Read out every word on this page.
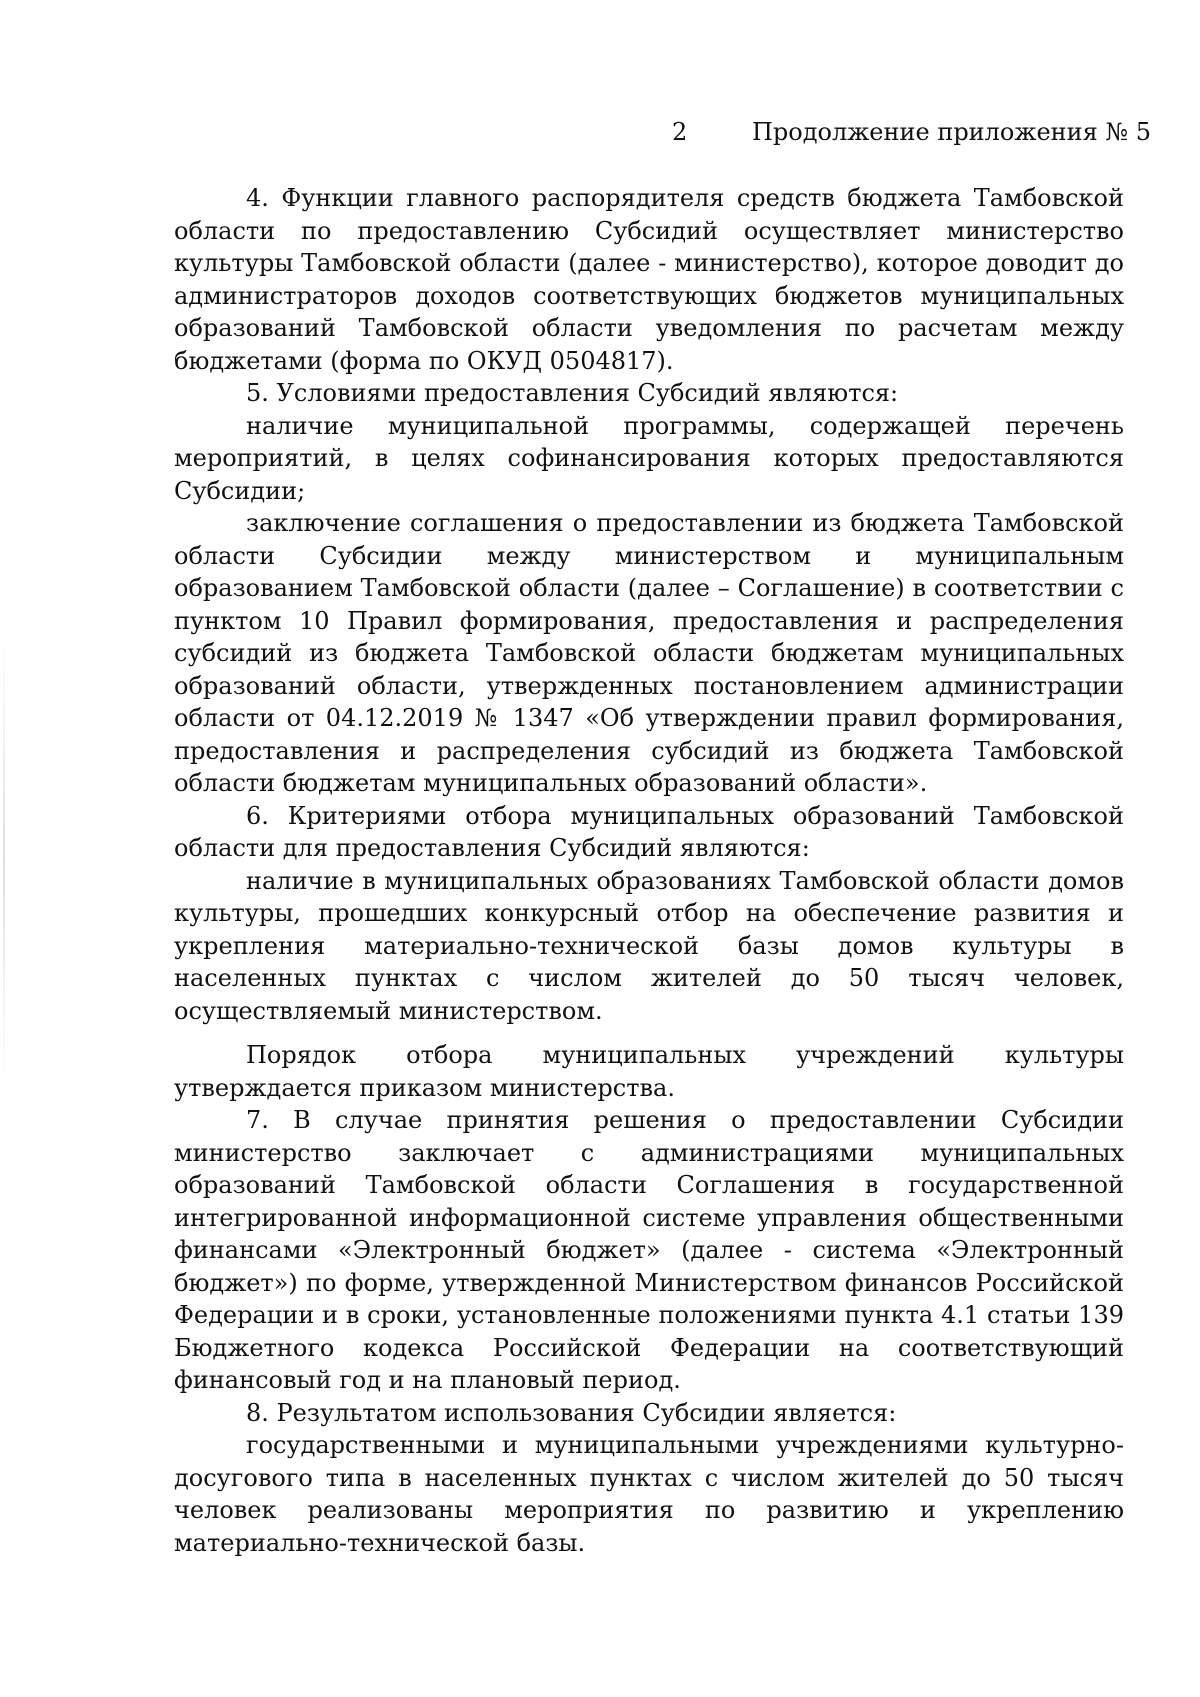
2	Продолжение приложения № 5

4. Функции главного распорядителя средств бюджета Тамбовской области по предоставлению Субсидий осуществляет министерство культуры Тамбовской области (далее - министерство), которое доводит до администраторов доходов соответствующих бюджетов муниципальных образований Тамбовской области уведомления по расчетам между бюджетами (форма по ОКУД 0504817).

5. Условиями предоставления Субсидий являются:

наличие муниципальной программы, содержащей перечень мероприятий, в целях софинансирования которых предоставляются Субсидии;

заключение соглашения о предоставлении из бюджета Тамбовской области Субсидии между министерством и муниципальным образованием Тамбовской области (далее – Соглашение) в соответствии с пунктом 10 Правил формирования, предоставления и распределения субсидий из бюджета Тамбовской области бюджетам муниципальных образований области, утвержденных постановлением администрации области от 04.12.2019 № 1347 «Об утверждении правил формирования, предоставления и распределения субсидий из бюджета Тамбовской области бюджетам муниципальных образований области».

6. Критериями отбора муниципальных образований Тамбовской области для предоставления Субсидий являются:

наличие в муниципальных образованиях Тамбовской области домов культуры, прошедших конкурсный отбор на обеспечение развития и укрепления материально-технической базы домов культуры в населенных пунктах с числом жителей до 50 тысяч человек, осуществляемый министерством.

Порядок отбора муниципальных учреждений культуры утверждается приказом министерства.

7. В случае принятия решения о предоставлении Субсидии министерство заключает с администрациями муниципальных образований Тамбовской области Соглашения в государственной интегрированной информационной системе управления общественными финансами «Электронный бюджет» (далее - система «Электронный бюджет») по форме, утвержденной Министерством финансов Российской Федерации и в сроки, установленные положениями пункта 4.1 статьи 139 Бюджетного кодекса Российской Федерации на соответствующий финансовый год и на плановый период.

8. Результатом использования Субсидии является:

государственными и муниципальными учреждениями культурно-досугового типа в населенных пунктах с числом жителей до 50 тысяч человек реализованы мероприятия по развитию и укреплению материально-технической базы.
